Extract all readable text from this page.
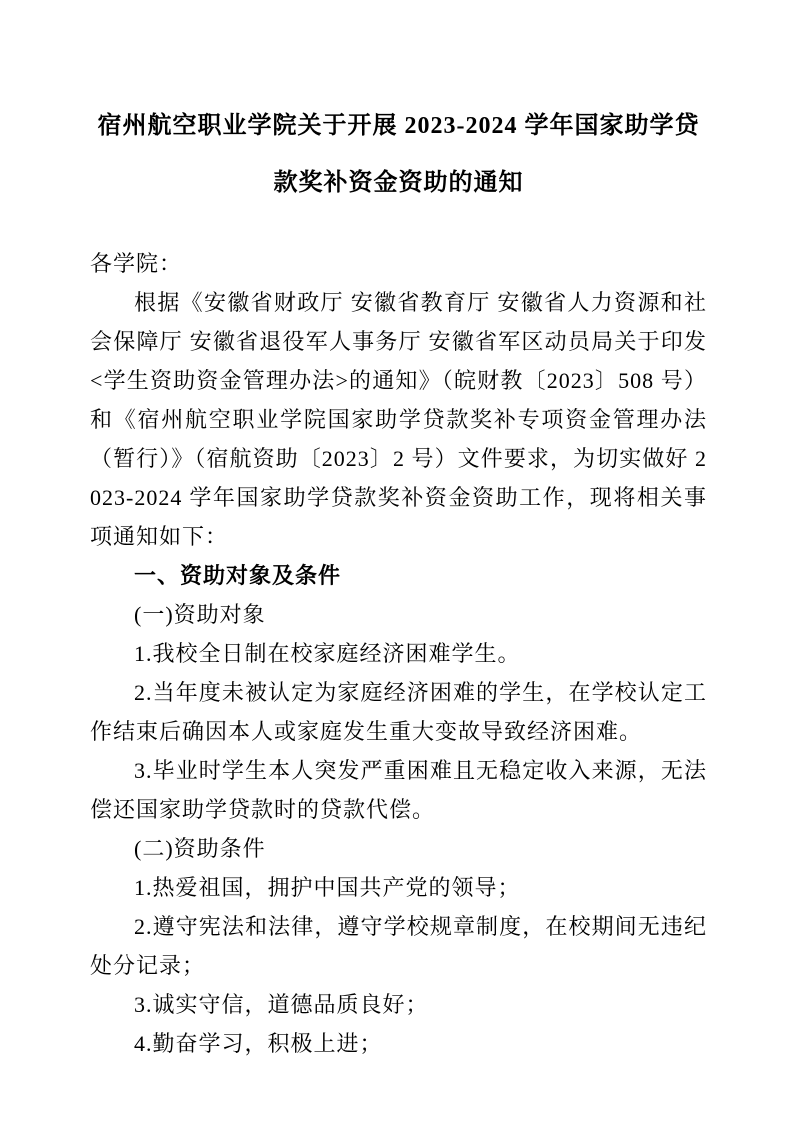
宿州航空职业学院关于开展 2023-2024 学年国家助学贷款奖补资金资助的通知

各学院：

根据《安徽省财政厅 安徽省教育厅 安徽省人力资源和社会保障厅 安徽省退役军人事务厅 安徽省军区动员局关于印发<学生资助资金管理办法>的通知》（皖财教〔2023〕508 号）和《宿州航空职业学院国家助学贷款奖补专项资金管理办法（暂行）》（宿航资助〔2023〕2 号）文件要求，为切实做好 2023-2024 学年国家助学贷款奖补资金资助工作，现将相关事项通知如下：

一、资助对象及条件

(一)资助对象

1.我校全日制在校家庭经济困难学生。

2.当年度未被认定为家庭经济困难的学生，在学校认定工作结束后确因本人或家庭发生重大变故导致经济困难。

3.毕业时学生本人突发严重困难且无稳定收入来源，无法偿还国家助学贷款时的贷款代偿。

(二)资助条件

1.热爱祖国，拥护中国共产党的领导；

2.遵守宪法和法律，遵守学校规章制度，在校期间无违纪处分记录；

3.诚实守信，道德品质良好；

4.勤奋学习，积极上进；
